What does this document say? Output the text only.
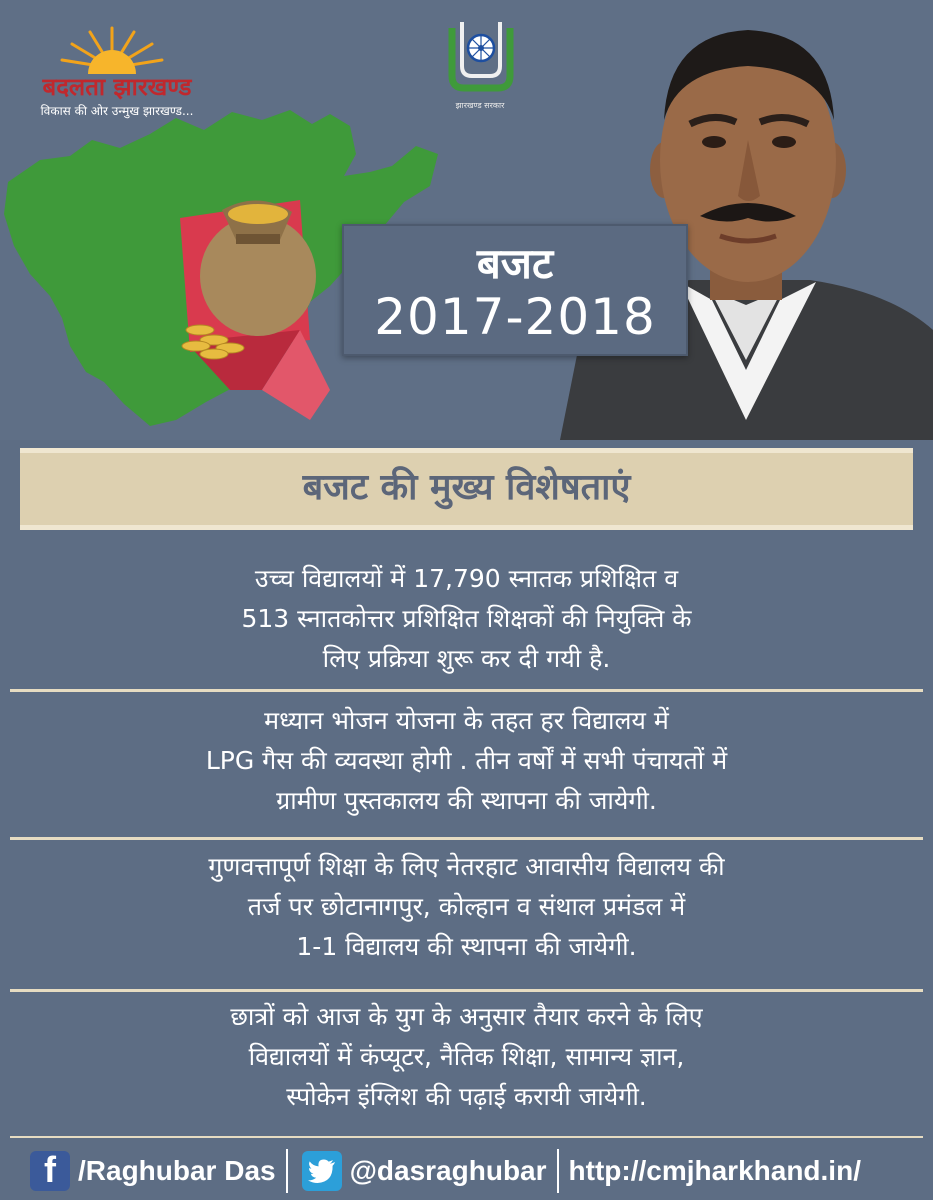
बदलता झारखण्ड
विकास की ओर उन्मुख झारखण्ड...	झारखण्ड सरकार
बजट
2017-2018
बजट की मुख्य विशेषताएं
उच्च विद्यालयों में 17,790 स्नातक प्रशिक्षित व
513 स्नातकोत्तर प्रशिक्षित शिक्षकों की नियुक्ति के
लिए प्रक्रिया शुरू कर दी गयी है.
मध्यान भोजन योजना के तहत हर विद्यालय में
LPG गैस की व्यवस्था होगी . तीन वर्षों में सभी पंचायतों में
ग्रामीण पुस्तकालय की स्थापना की जायेगी.
गुणवत्तापूर्ण शिक्षा के लिए नेतरहाट आवासीय विद्यालय की
तर्ज पर छोटानागपुर, कोल्हान व संथाल प्रमंडल में
1-1 विद्यालय की स्थापना की जायेगी.
छात्रों को आज के युग के अनुसार तैयार करने के लिए
विद्यालयों में कंप्यूटर, नैतिक शिक्षा, सामान्य ज्ञान,
स्पोकेन इंग्लिश की पढ़ाई करायी जायेगी.
f /Raghubar Das	@dasraghubar http://cmjharkhand.in/
